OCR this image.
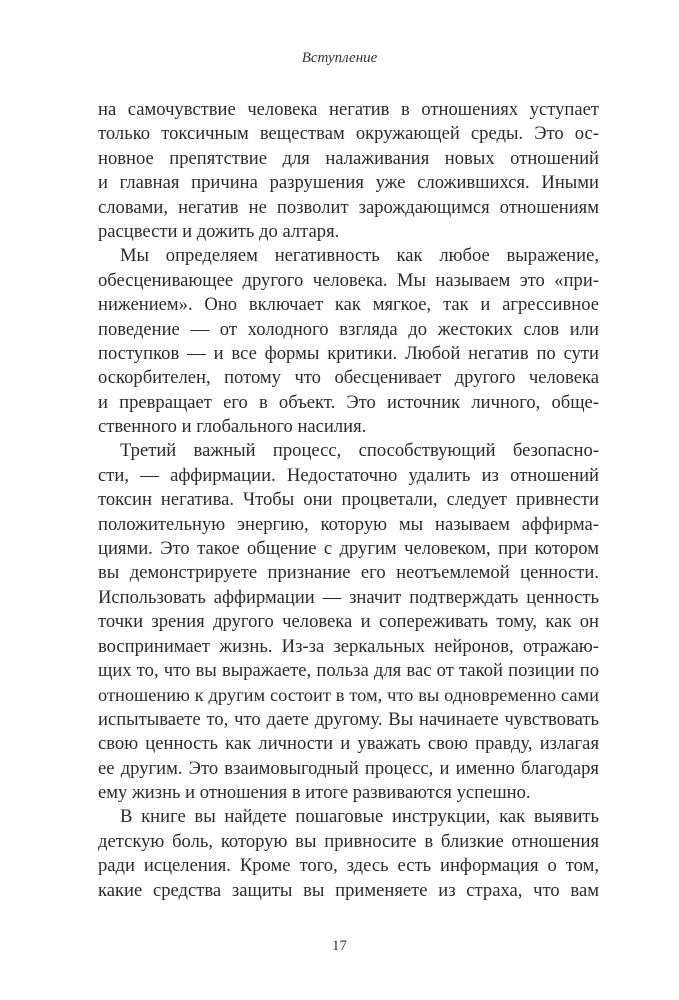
Вступление
на самочувствие человека негатив в отношениях уступает
только токсичным веществам окружающей среды. Это ос-
новное препятствие для налаживания новых отношений
и главная причина разрушения уже сложившихся. Иными
словами, негатив не позволит зарождающимся отношениям
расцвести и дожить до алтаря.
Мы определяем негативность как любое выражение,
обесценивающее другого человека. Мы называем это «при-
нижением». Оно включает как мягкое, так и агрессивное
поведение — от холодного взгляда до жестоких слов или
поступков — и все формы критики. Любой негатив по сути
оскорбителен, потому что обесценивает другого человека
и превращает его в объект. Это источник личного, обще-
ственного и глобального насилия.
Третий важный процесс, способствующий безопасно-
сти, — аффирмации. Недостаточно удалить из отношений
токсин негатива. Чтобы они процветали, следует привнести
положительную энергию, которую мы называем аффирма-
циями. Это такое общение с другим человеком, при котором
вы демонстрируете признание его неотъемлемой ценности.
Использовать аффирмации — значит подтверждать ценность
точки зрения другого человека и сопереживать тому, как он
воспринимает жизнь. Из-за зеркальных нейронов, отражаю-
щих то, что вы выражаете, польза для вас от такой позиции по
отношению к другим состоит в том, что вы одновременно сами
испытываете то, что даете другому. Вы начинаете чувствовать
свою ценность как личности и уважать свою правду, излагая
ее другим. Это взаимовыгодный процесс, и именно благодаря
ему жизнь и отношения в итоге развиваются успешно.
В книге вы найдете пошаговые инструкции, как выявить
детскую боль, которую вы привносите в близкие отношения
ради исцеления. Кроме того, здесь есть информация о том,
какие средства защиты вы применяете из страха, что вам
17
